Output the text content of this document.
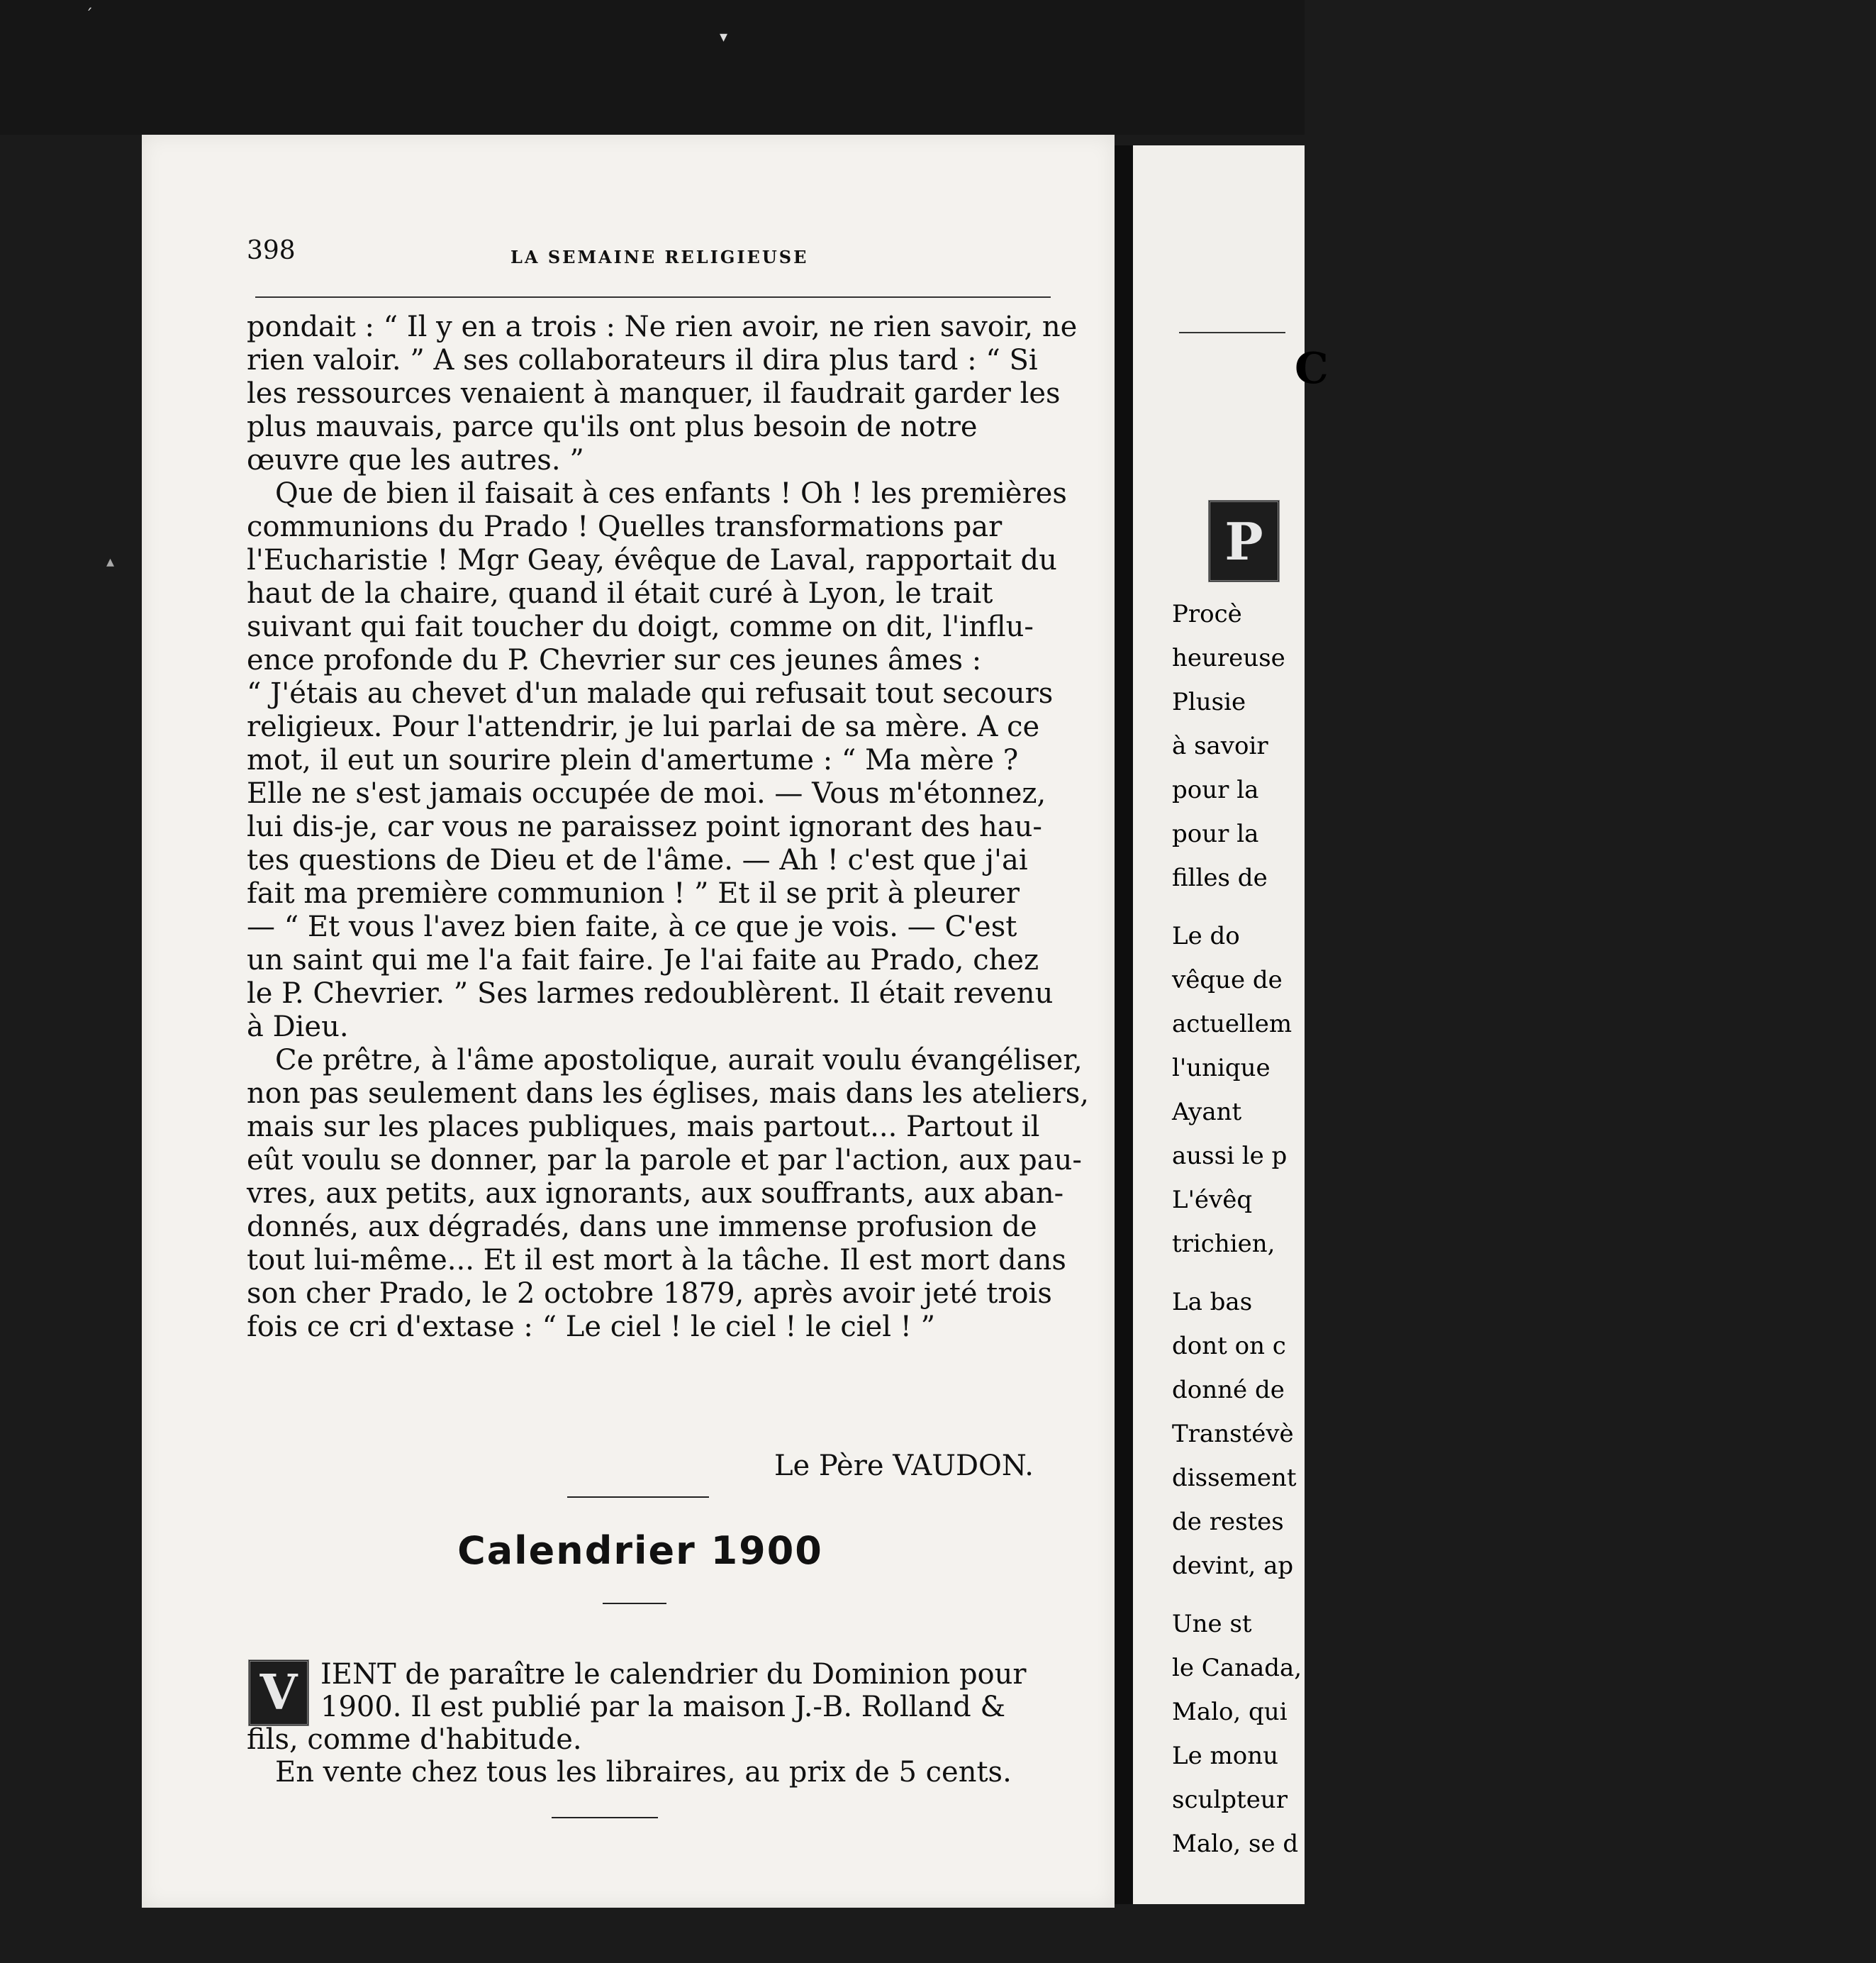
´
▾
▴
398	LA SEMAINE RELIGIEUSE
pondait : “ Il y en a trois : Ne rien avoir, ne rien savoir, ne
rien valoir. ” A ses collaborateurs il dira plus tard : “ Si
les ressources venaient à manquer, il faudrait garder les
plus mauvais, parce qu'ils ont plus besoin de notre
œuvre que les autres. ”
Que de bien il faisait à ces enfants ! Oh ! les premières
communions du Prado ! Quelles transformations par
l'Eucharistie ! Mgr Geay, évêque de Laval, rapportait du
haut de la chaire, quand il était curé à Lyon, le trait
suivant qui fait toucher du doigt, comme on dit, l'influ-
ence profonde du P. Chevrier sur ces jeunes âmes :
“ J'étais au chevet d'un malade qui refusait tout secours
religieux. Pour l'attendrir, je lui parlai de sa mère. A ce
mot, il eut un sourire plein d'amertume : “ Ma mère ?
Elle ne s'est jamais occupée de moi. — Vous m'étonnez,
lui dis-je, car vous ne paraissez point ignorant des hau-
tes questions de Dieu et de l'âme. — Ah ! c'est que j'ai
fait ma première communion ! ” Et il se prit à pleurer
— “ Et vous l'avez bien faite, à ce que je vois. — C'est
un saint qui me l'a fait faire. Je l'ai faite au Prado, chez
le P. Chevrier. ” Ses larmes redoublèrent. Il était revenu
à Dieu.
Ce prêtre, à l'âme apostolique, aurait voulu évangéliser,
non pas seulement dans les églises, mais dans les ateliers,
mais sur les places publiques, mais partout... Partout il
eût voulu se donner, par la parole et par l'action, aux pau-
vres, aux petits, aux ignorants, aux souffrants, aux aban-
donnés, aux dégradés, dans une immense profusion de
tout lui-même... Et il est mort à la tâche. Il est mort dans
son cher Prado, le 2 octobre 1879, après avoir jeté trois
fois ce cri d'extase : “ Le ciel ! le ciel ! le ciel ! ”
Le Père VAUDON.
Calendrier 1900
V IENT de paraître le calendrier du Dominion pour
1900. Il est publié par la maison J.-B. Rolland &
fils, comme d'habitude.
En vente chez tous les libraires, au prix de 5 cents.
C
P
Procè
heureuse
Plusie
à savoir
pour la
pour la
filles de
Le do
vêque de
actuellem
l'unique
Ayant
aussi le p
L'évêq
trichien,
La bas
dont on c
donné de
Transtévè
dissement
de restes
devint, ap
Une st
le Canada,
Malo, qui
Le monu
sculpteur
Malo, se d
